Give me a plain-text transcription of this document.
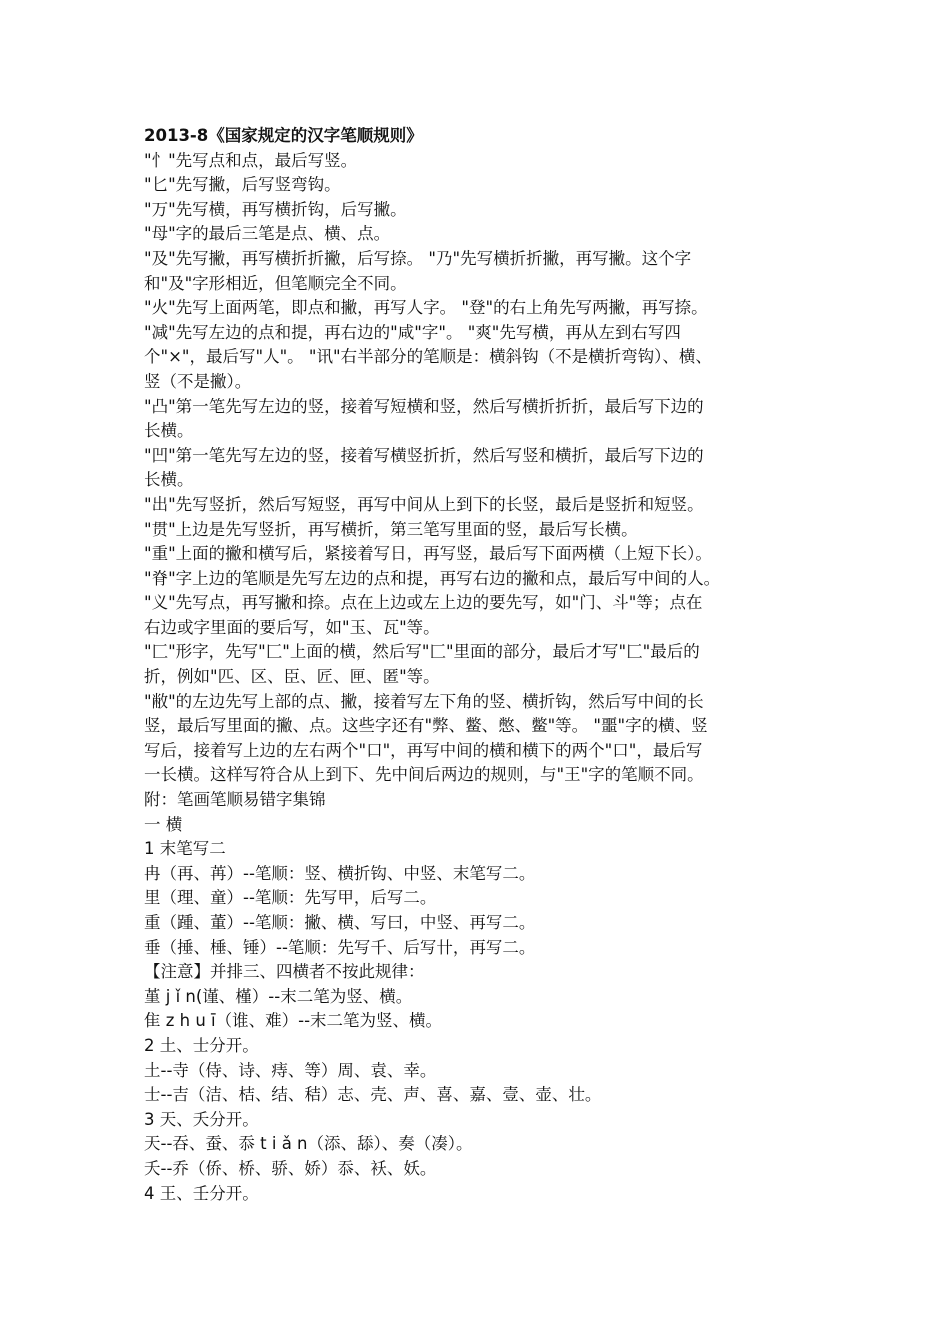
2013-8《国家规定的汉字笔顺规则》
"忄"先写点和点，最后写竖。
"匕"先写撇，后写竖弯钩。
"万"先写横，再写横折钩，后写撇。
"母"字的最后三笔是点、横、点。
"及"先写撇，再写横折折撇，后写捺。 "乃"先写横折折撇，再写撇。这个字
和"及"字形相近，但笔顺完全不同。
"火"先写上面两笔，即点和撇，再写人字。 "登"的右上角先写两撇，再写捺。
"减"先写左边的点和提，再右边的"咸"字"。 "爽"先写横，再从左到右写四
个"×"，最后写"人"。 "讯"右半部分的笔顺是：横斜钩（不是横折弯钩）、横、
竖（不是撇）。
"凸"第一笔先写左边的竖，接着写短横和竖，然后写横折折折，最后写下边的
长横。
"凹"第一笔先写左边的竖，接着写横竖折折，然后写竖和横折，最后写下边的
长横。
"出"先写竖折，然后写短竖，再写中间从上到下的长竖，最后是竖折和短竖。
"贯"上边是先写竖折，再写横折，第三笔写里面的竖，最后写长横。
"重"上面的撇和横写后，紧接着写日，再写竖，最后写下面两横（上短下长）。
"脊"字上边的笔顺是先写左边的点和提，再写右边的撇和点，最后写中间的人。
"义"先写点，再写撇和捺。点在上边或左上边的要先写，如"门、斗"等；点在
右边或字里面的要后写，如"玉、瓦"等。
"匚"形字，先写"匚"上面的横，然后写"匚"里面的部分，最后才写"匚"最后的
折，例如"匹、区、臣、匠、匣、匿"等。
"敝"的左边先写上部的点、撇，接着写左下角的竖、横折钩，然后写中间的长
竖，最后写里面的撇、点。这些字还有"弊、鳖、憋、鳖"等。 "噩"字的横、竖
写后，接着写上边的左右两个"口"，再写中间的横和横下的两个"口"，最后写
一长横。这样写符合从上到下、先中间后两边的规则，与"王"字的笔顺不同。
附：笔画笔顺易错字集锦
一 横
1 末笔写二
冉（再、苒）--笔顺：竖、横折钩、中竖、末笔写二。
里（理、童）--笔顺：先写甲，后写二。
重（踵、董）--笔顺：撇、横、写曰，中竖、再写二。
垂（捶、棰、锤）--笔顺：先写千、后写卄，再写二。
【注意】并排三、四横者不按此规律：
堇 j ǐ n(谨、槿）--末二笔为竖、横。
隹 z h u ī（谁、难）--末二笔为竖、横。
2 土、士分开。
土--寺（侍、诗、痔、等）周、袁、幸。
士--吉（洁、桔、结、秸）志、壳、声、喜、嘉、壹、壶、壮。
3 天、夭分开。
天--吞、蚕、忝 t i ǎ n（添、舔）、奏（凑）。
夭--乔（侨、桥、骄、娇）忝、袄、妖。
4 王、壬分开。
